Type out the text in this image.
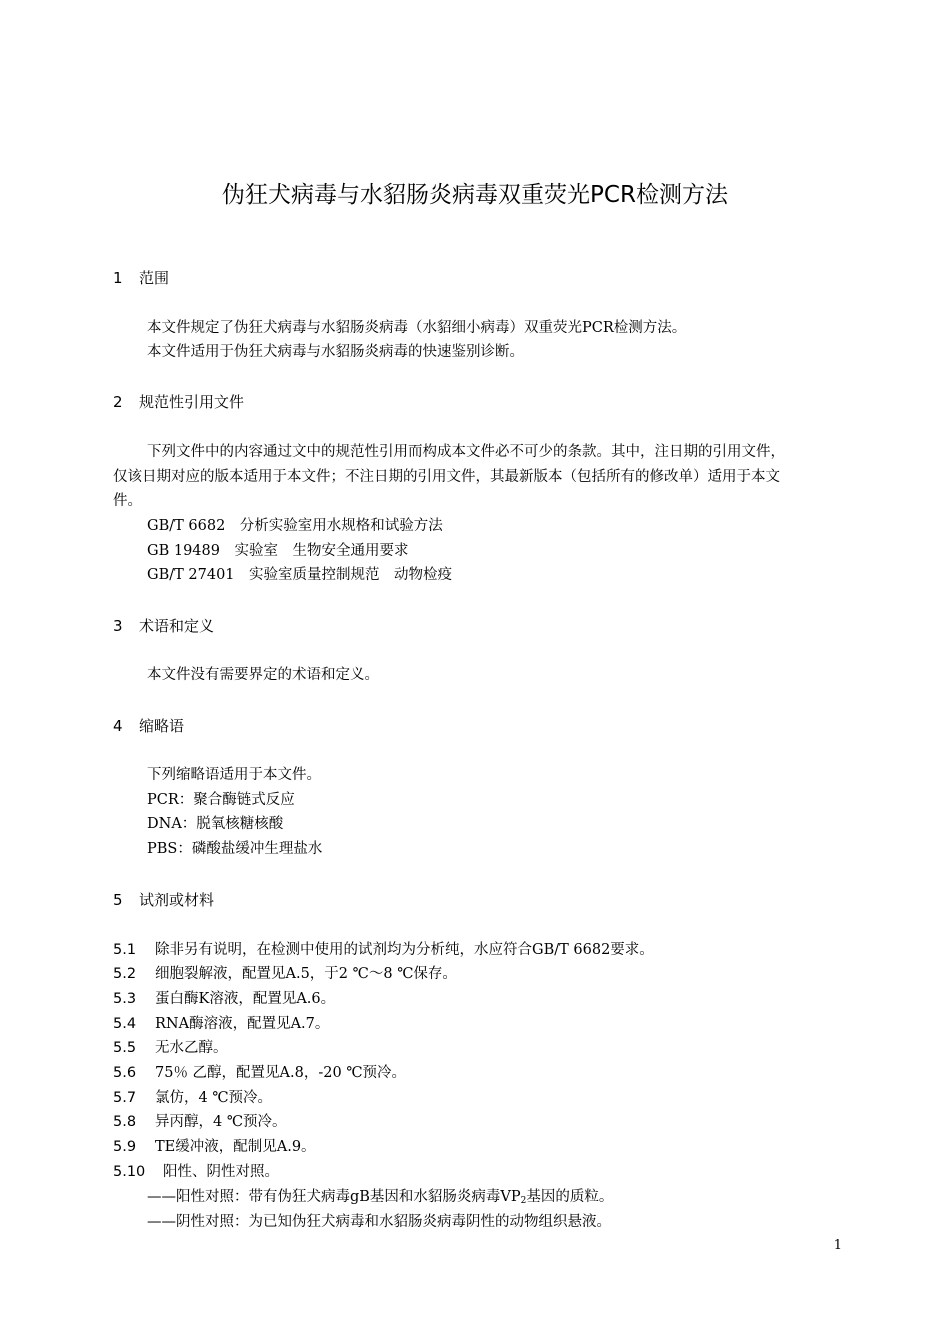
伪狂犬病毒与水貂肠炎病毒双重荧光PCR检测方法
1 范围

本文件规定了伪狂犬病毒与水貂肠炎病毒（水貂细小病毒）双重荧光PCR检测方法。

本文件适用于伪狂犬病毒与水貂肠炎病毒的快速鉴别诊断。

2 规范性引用文件

下列文件中的内容通过文中的规范性引用而构成本文件必不可少的条款。其中，注日期的引用文件，

仅该日期对应的版本适用于本文件；不注日期的引用文件，其最新版本（包括所有的修改单）适用于本文

件。

GB/T 6682　分析实验室用水规格和试验方法

GB 19489　实验室　生物安全通用要求

GB/T 27401　实验室质量控制规范　动物检疫

3 术语和定义

本文件没有需要界定的术语和定义。

4 缩略语

下列缩略语适用于本文件。

PCR：聚合酶链式反应

DNA：脱氧核糖核酸

PBS：磷酸盐缓冲生理盐水

5 试剂或材料

5.1 除非另有说明，在检测中使用的试剂均为分析纯，水应符合GB/T 6682要求。

5.2 细胞裂解液，配置见A.5，于2 ℃～8 ℃保存。

5.3 蛋白酶K溶液，配置见A.6。

5.4 RNA酶溶液，配置见A.7。

5.5 无水乙醇。

5.6 75％ 乙醇，配置见A.8，-20 ℃预冷。

5.7 氯仿，4 ℃预冷。

5.8 异丙醇，4 ℃预冷。

5.9 TE缓冲液，配制见A.9。

5.10 阳性、阴性对照。

——阳性对照：带有伪狂犬病毒gB基因和水貂肠炎病毒$VP_2$基因的质粒。

——阴性对照：为已知伪狂犬病毒和水貂肠炎病毒阴性的动物组织悬液。

1
